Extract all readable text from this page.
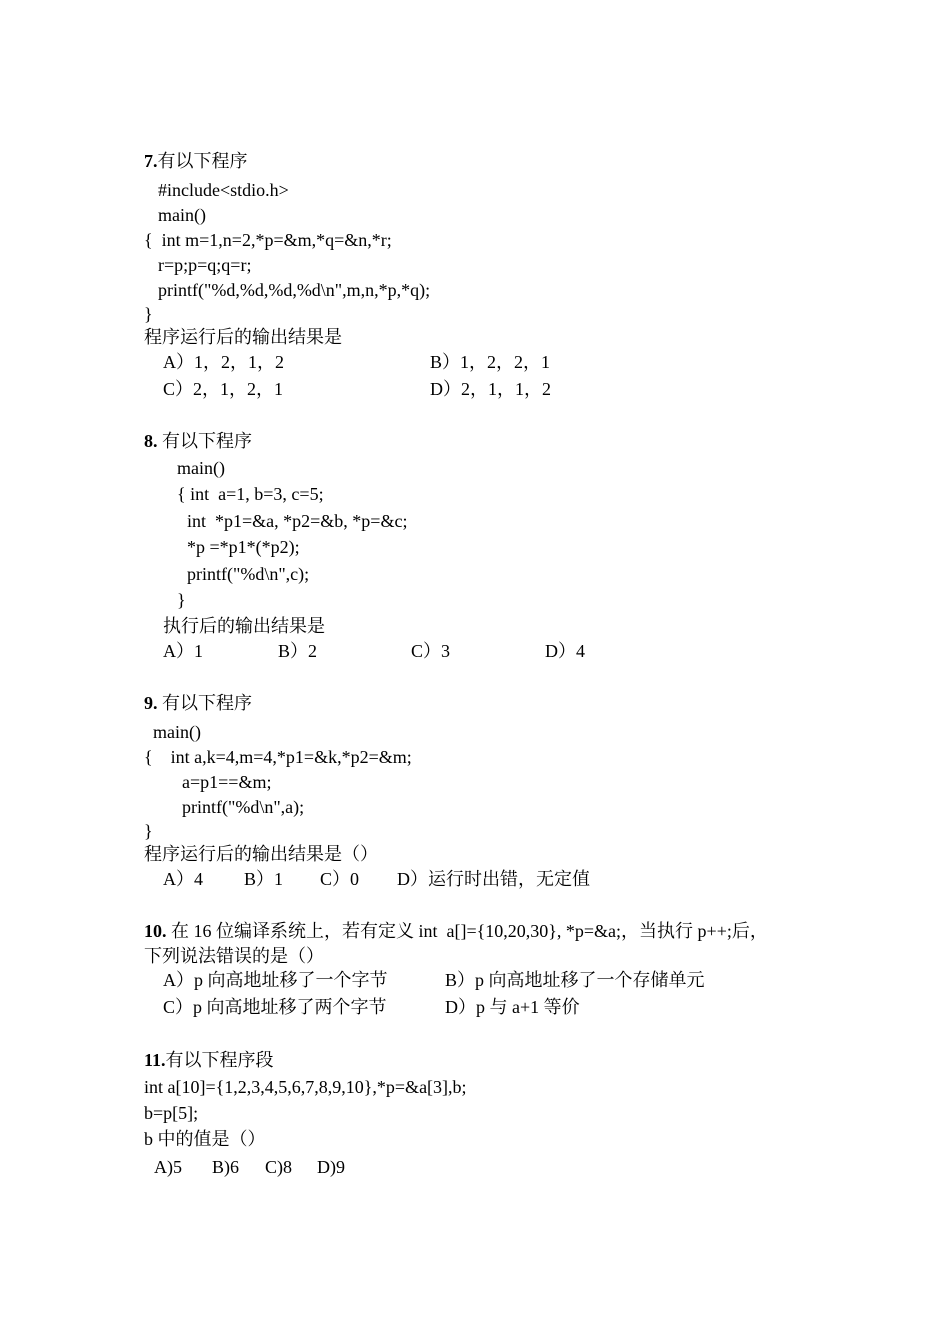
7.有以下程序
#include<stdio.h>
main()
{  int m=1,n=2,*p=&m,*q=&n,*r;
r=p;p=q;q=r;
printf("%d,%d,%d,%d\n",m,n,*p,*q);
}
程序运行后的输出结果是
A）1，2，1，2	B）1，2，2，1
C）2，1，2，1	D）2，1，1，2
8. 有以下程序
main()
{ int  a=1, b=3, c=5;
int  *p1=&a, *p2=&b, *p=&c;
*p =*p1*(*p2);
printf("%d\n",c);
}
执行后的输出结果是
A）1	B）2	C）3	D）4
9. 有以下程序
main()
{    int a,k=4,m=4,*p1=&k,*p2=&m;
a=p1==&m;
printf("%d\n",a);
}
程序运行后的输出结果是（）
A）4 B）1 C）0 D）运行时出错，无定值
10. 在 16 位编译系统上，若有定义 int  a[]={10,20,30}, *p=&a;，当执行 p++;后，
下列说法错误的是（）
A）p 向高地址移了一个字节	B）p 向高地址移了一个存储单元
C）p 向高地址移了两个字节	D）p 与 a+1 等价
11.有以下程序段
int a[10]={1,2,3,4,5,6,7,8,9,10},*p=&a[3],b;
b=p[5];
b 中的值是（）
A)5 B)6 C)8 D)9
